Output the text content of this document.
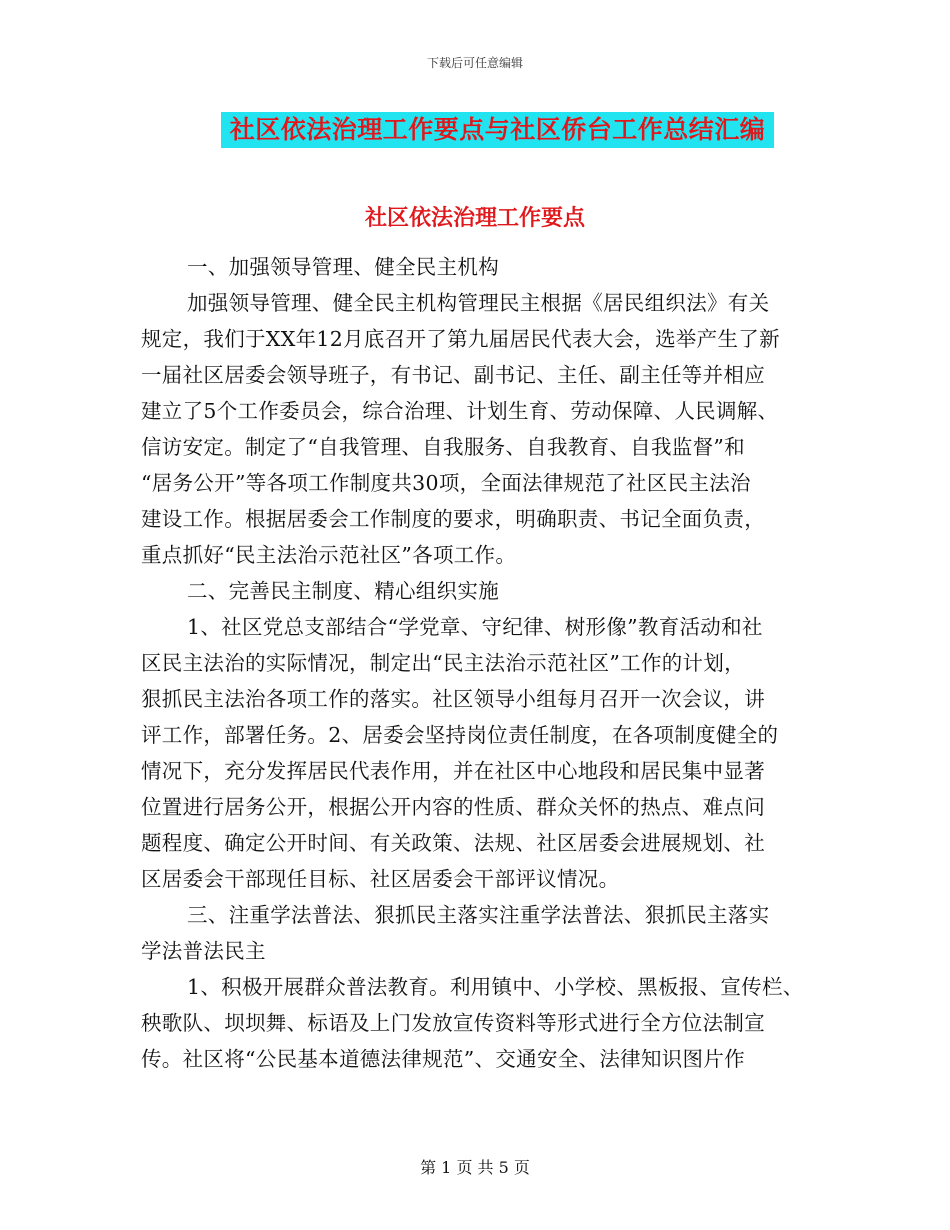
下载后可任意编辑
社区依法治理工作要点与社区侨台工作总结汇编
社区依法治理工作要点
一、加强领导管理、健全民主机构
加强领导管理、健全民主机构管理民主根据《居民组织法》有关
规定，我们于XX年12月底召开了第九届居民代表大会，选举产生了新
一届社区居委会领导班子，有书记、副书记、主任、副主任等并相应
建立了5个工作委员会，综合治理、计划生育、劳动保障、人民调解、
信访安定。制定了“自我管理、自我服务、自我教育、自我监督”和
“居务公开”等各项工作制度共30项，全面法律规范了社区民主法治
建设工作。根据居委会工作制度的要求，明确职责、书记全面负责，
重点抓好“民主法治示范社区”各项工作。
二、完善民主制度、精心组织实施
1、社区党总支部结合“学党章、守纪律、树形像”教育活动和社
区民主法治的实际情况，制定出“民主法治示范社区”工作的计划，
狠抓民主法治各项工作的落实。社区领导小组每月召开一次会议，讲
评工作，部署任务。2、居委会坚持岗位责任制度，在各项制度健全的
情况下，充分发挥居民代表作用，并在社区中心地段和居民集中显著
位置进行居务公开，根据公开内容的性质、群众关怀的热点、难点问
题程度、确定公开时间、有关政策、法规、社区居委会进展规划、社
区居委会干部现任目标、社区居委会干部评议情况。
三、注重学法普法、狠抓民主落实注重学法普法、狠抓民主落实
学法普法民主
1、积极开展群众普法教育。利用镇中、小学校、黑板报、宣传栏、
秧歌队、坝坝舞、标语及上门发放宣传资料等形式进行全方位法制宣
传。社区将“公民基本道德法律规范”、交通安全、法律知识图片作
第 1 页 共 5 页
